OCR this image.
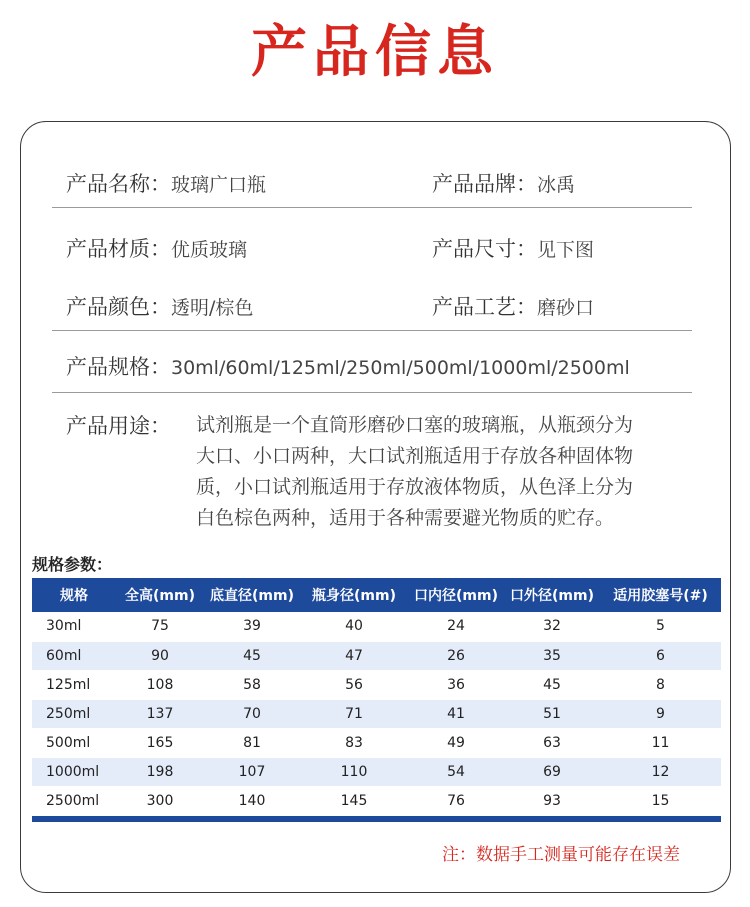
产品信息
产品名称：玻璃广口瓶	产品品牌：冰禹
产品材质：优质玻璃	产品尺寸：见下图
产品颜色：透明/棕色	产品工艺：磨砂口
产品规格：30ml/60ml/125ml/250ml/500ml/1000ml/2500ml
产品用途： 试剂瓶是一个直筒形磨砂口塞的玻璃瓶，从瓶颈分为
大口、小口两种，大口试剂瓶适用于存放各种固体物
质，小口试剂瓶适用于存放液体物质，从色泽上分为
白色棕色两种，适用于各种需要避光物质的贮存。
规格参数：
规格	全高(mm)	底直径(mm)	瓶身径(mm)	口内径(mm)	口外径(mm)	适用胶塞号(#)
30ml	75	39	40	24	32	5
60ml	90	45	47	26	35	6
125ml	108	58	56	36	45	8
250ml	137	70	71	41	51	9
500ml	165	81	83	49	63	11
1000ml	198	107	110	54	69	12
2500ml	300	140	145	76	93	15
注：数据手工测量可能存在误差
